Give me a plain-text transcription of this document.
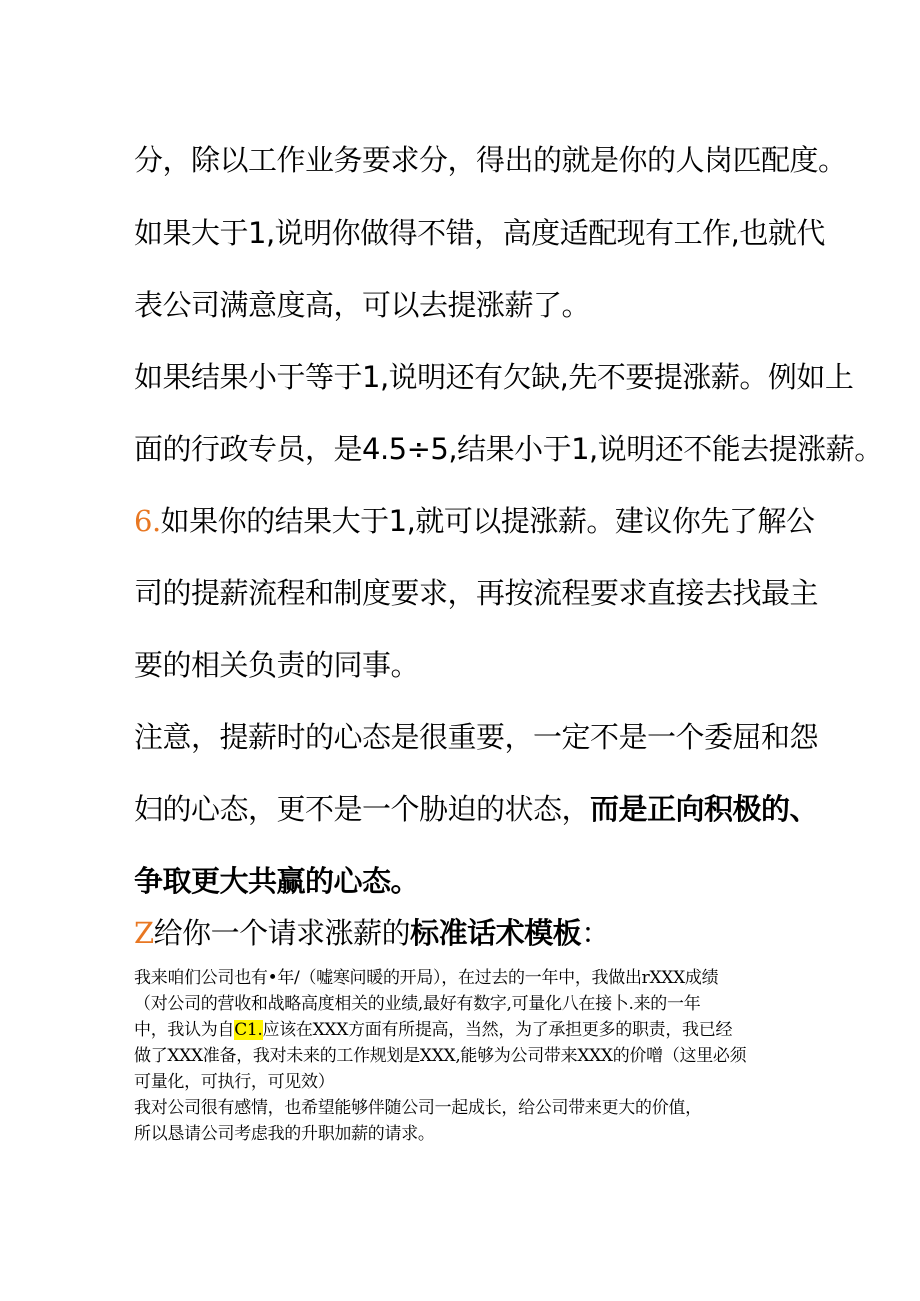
分，除以工作业务要求分，得出的就是你的人岗匹配度。
如果大于1,说明你做得不错，高度适配现有工作,也就代
表公司满意度高，可以去提涨薪了。
如果结果小于等于1,说明还有欠缺,先不要提涨薪。例如上
面的行政专员，是4.5÷5,结果小于1,说明还不能去提涨薪。
6.如果你的结果大于1,就可以提涨薪。建议你先了解公
司的提薪流程和制度要求，再按流程要求直接去找最主
要的相关负责的同事。
注意，提薪时的心态是很重要，一定不是一个委屈和怨
妇的心态，更不是一个胁迫的状态，而是正向积极的、
争取更大共赢的心态。
Z给你一个请求涨薪的标准话术模板：

我来咱们公司也有•年/（嘘寒问暖的开局），在过去的一年中，我做出rXXX成绩

（对公司的营收和战略高度相关的业绩,最好有数字,可量化八在接卜.来的一年

中，我认为自C1.应该在XXX方面有所提高，当然，为了承担更多的职责，我已经

做了XXX准备，我对未来的工作规划是XXX,能够为公司带来XXX的价噌（这里必须

可量化，可执行，可见效）

我对公司很有感情，也希望能够伴随公司一起成长，给公司带来更大的价值，

所以恳请公司考虑我的升职加薪的请求。
